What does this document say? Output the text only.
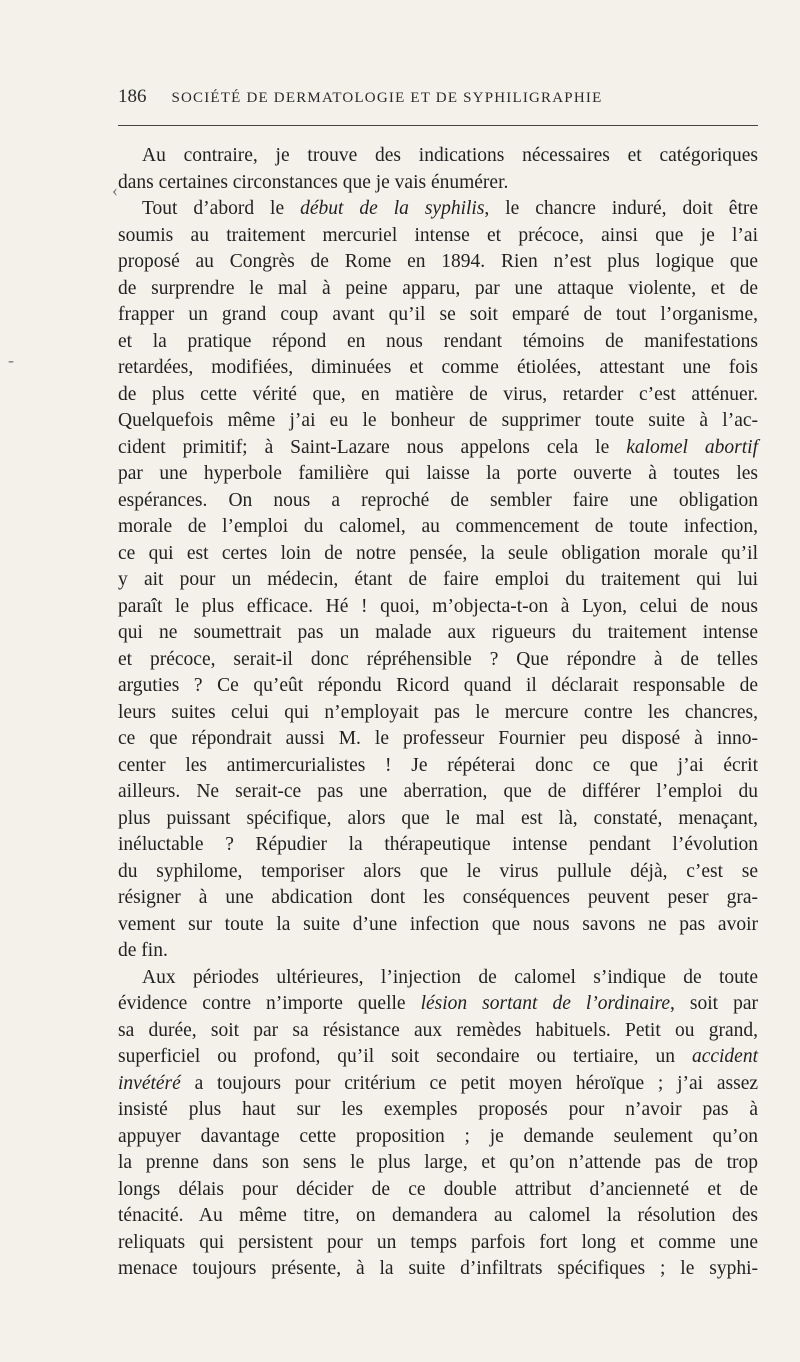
186 SOCIÉTÉ DE DERMATOLOGIE ET DE SYPHILIGRAPHIE
‹
-
Au contraire, je trouve des indications nécessaires et catégoriques
dans certaines circonstances que je vais énumérer.
Tout d’abord le début de la syphilis, le chancre induré, doit être
soumis au traitement mercuriel intense et précoce, ainsi que je l’ai
proposé au Congrès de Rome en 1894. Rien n’est plus logique que
de surprendre le mal à peine apparu, par une attaque violente, et de
frapper un grand coup avant qu’il se soit emparé de tout l’organisme,
et la pratique répond en nous rendant témoins de manifestations
retardées, modifiées, diminuées et comme étiolées, attestant une fois
de plus cette vérité que, en matière de virus, retarder c’est atténuer.
Quelquefois même j’ai eu le bonheur de supprimer toute suite à l’ac-
cident primitif; à Saint-Lazare nous appelons cela le kalomel abortif
par une hyperbole familière qui laisse la porte ouverte à toutes les
espérances. On nous a reproché de sembler faire une obligation
morale de l’emploi du calomel, au commencement de toute infection,
ce qui est certes loin de notre pensée, la seule obligation morale qu’il
y ait pour un médecin, étant de faire emploi du traitement qui lui
paraît le plus efficace. Hé ! quoi, m’objecta-t-on à Lyon, celui de nous
qui ne soumettrait pas un malade aux rigueurs du traitement intense
et précoce, serait-il donc répréhensible ? Que répondre à de telles
arguties ? Ce qu’eût répondu Ricord quand il déclarait responsable de
leurs suites celui qui n’employait pas le mercure contre les chancres,
ce que répondrait aussi M. le professeur Fournier peu disposé à inno-
center les antimercurialistes ! Je répéterai donc ce que j’ai écrit
ailleurs. Ne serait-ce pas une aberration, que de différer l’emploi du
plus puissant spécifique, alors que le mal est là, constaté, menaçant,
inéluctable ? Répudier la thérapeutique intense pendant l’évolution
du syphilome, temporiser alors que le virus pullule déjà, c’est se
résigner à une abdication dont les conséquences peuvent peser gra-
vement sur toute la suite d’une infection que nous savons ne pas avoir
de fin.
Aux périodes ultérieures, l’injection de calomel s’indique de toute
évidence contre n’importe quelle lésion sortant de l’ordinaire, soit par
sa durée, soit par sa résistance aux remèdes habituels. Petit ou grand,
superficiel ou profond, qu’il soit secondaire ou tertiaire, un accident
invétéré a toujours pour critérium ce petit moyen héroïque ; j’ai assez
insisté plus haut sur les exemples proposés pour n’avoir pas à
appuyer davantage cette proposition ; je demande seulement qu’on
la prenne dans son sens le plus large, et qu’on n’attende pas de trop
longs délais pour décider de ce double attribut d’ancienneté et de
ténacité. Au même titre, on demandera au calomel la résolution des
reliquats qui persistent pour un temps parfois fort long et comme une
menace toujours présente, à la suite d’infiltrats spécifiques ; le syphi-
